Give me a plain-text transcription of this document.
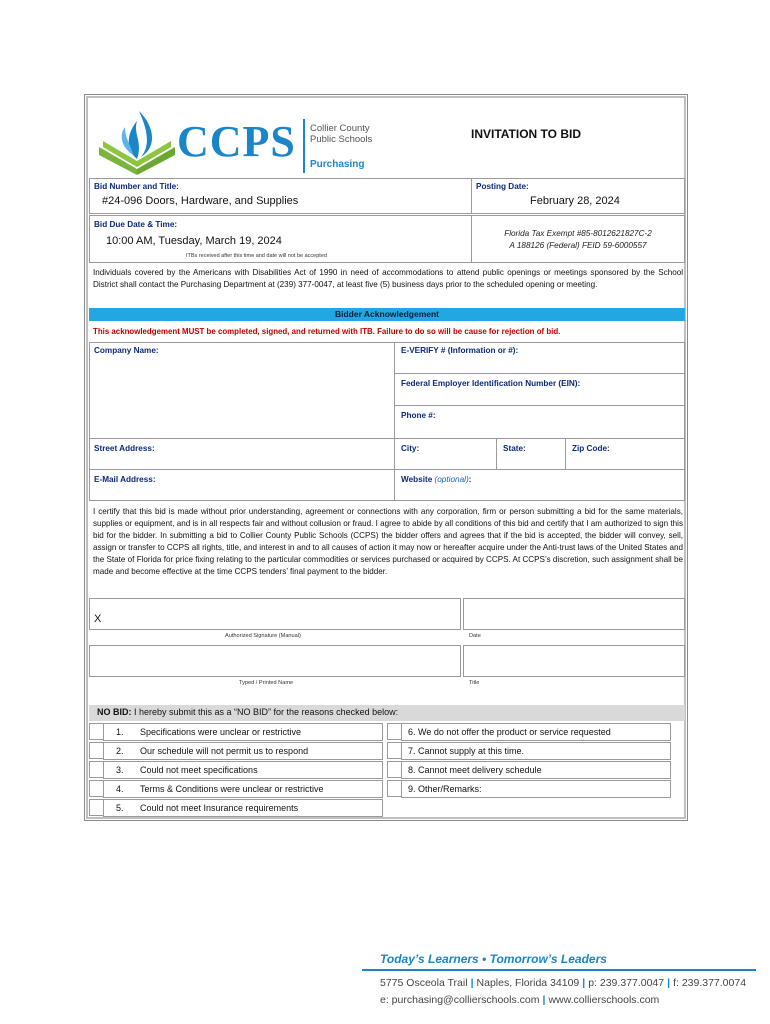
CCPS Collier County
Public Schools
Purchasing
INVITATION TO BID
Bid Number and Title:
#24-096 Doors, Hardware, and Supplies
Posting Date:
February 28, 2024
Bid Due Date & Time:
10:00 AM, Tuesday, March 19, 2024
ITBs received after this time and date will not be accepted
Florida Tax Exempt #85-8012621827C-2
A 188126 (Federal) FEID 59-6000557
Individuals covered by the Americans with Disabilities Act of 1990 in need of accommodations to attend public openings or meetings sponsored by the School District shall contact the Purchasing Department at (239) 377-0047, at least five (5) business days prior to the scheduled opening or meeting.
Bidder Acknowledgement
This acknowledgement MUST be completed, signed, and returned with ITB. Failure to do so will be cause for rejection of bid.
Company Name:	E-VERIFY # (Information or #):
Federal Employer Identification Number (EIN):
Phone #:
Street Address:	City:	State:	Zip Code:
E-Mail Address:	Website (optional):
I certify that this bid is made without prior understanding, agreement or connections with any corporation, firm or person submitting a bid for the same materials, supplies or equipment, and is in all respects fair and without collusion or fraud. I agree to abide by all conditions of this bid and certify that I am authorized to sign this bid for the bidder. In submitting a bid to Collier County Public Schools (CCPS) the bidder offers and agrees that if the bid is accepted, the bidder will convey, sell, assign or transfer to CCPS all rights, title, and interest in and to all causes of action it may now or hereafter acquire under the Anti-trust laws of the United States and the State of Florida for price fixing relating to the particular commodities or services purchased or acquired by CCPS. At CCPS’s discretion, such assignment shall be made and become effective at the time CCPS tenders’ final payment to the bidder.
X
Authorized Signature (Manual)	Date
Typed / Printed Name	Title
NO BID: I hereby submit this as a “NO BID” for the reasons checked below:
1. Specifications were unclear or restrictive
2. Our schedule will not permit us to respond
3. Could not meet specifications
4. Terms & Conditions were unclear or restrictive
5. Could not meet Insurance requirements
6. We do not offer the product or service requested
7. Cannot supply at this time.
8. Cannot meet delivery schedule
9. Other/Remarks:
Today’s Learners • Tomorrow’s Leaders
5775 Osceola Trail | Naples, Florida 34109 | p: 239.377.0047 | f: 239.377.0074
e: purchasing@collierschools.com | www.collierschools.com
